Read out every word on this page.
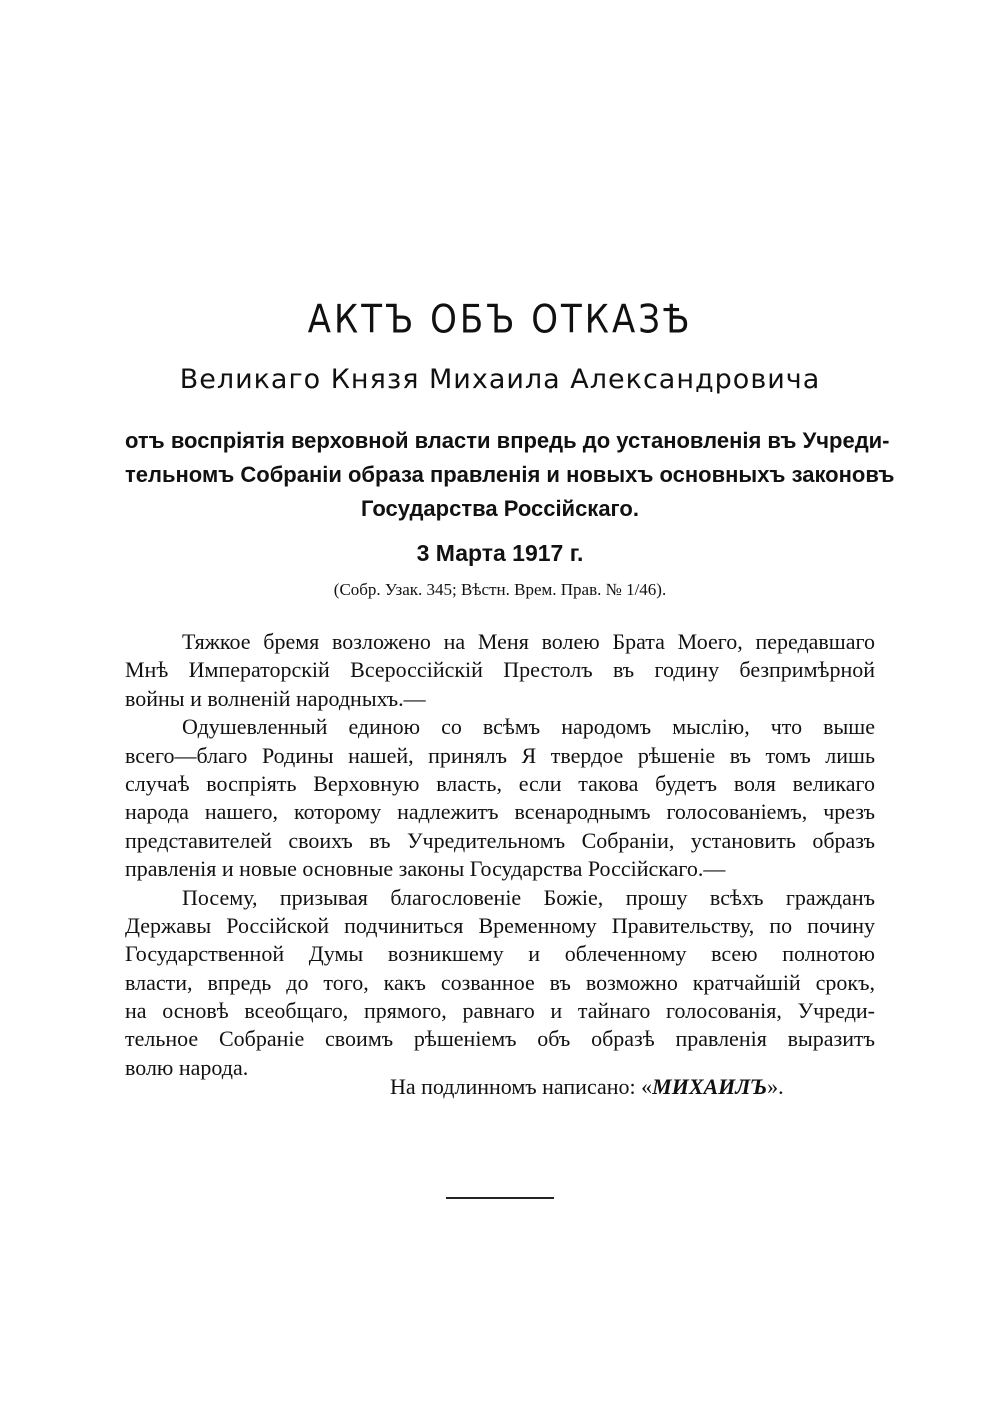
АКТЪ ОБЪ ОТКАЗѢ
Великаго Князя Михаила Александровича
отъ воспріятія верховной власти впредь до установленія въ Учреди-
тельномъ Собраніи образа правленія и новыхъ основныхъ законовъ
Государства Россійскаго.

3 Марта 1917 г.

(Собр. Узак. 345; Вѣстн. Врем. Прав. № 1/46).

Тяжкое бремя возложено на Меня волею Брата Моего, передавшаго
Мнѣ Императорскій Всероссійскій Престолъ въ годину безпримѣрной
войны и волненій народныхъ.—
Одушевленный единою со всѣмъ народомъ мыслію, что выше
всего—благо Родины нашей, принялъ Я твердое рѣшеніе въ томъ лишь
случаѣ воспріять Верховную власть, если такова будетъ воля великаго
народа нашего, которому надлежитъ всенароднымъ голосованіемъ, чрезъ
представителей своихъ въ Учредительномъ Собраніи, установить образъ
правленія и новые основные законы Государства Россійскаго.—
Посему, призывая благословеніе Божіе, прошу всѣхъ гражданъ
Державы Россійской подчиниться Временному Правительству, по почину
Государственной Думы возникшему и облеченному всею полнотою
власти, впредь до того, какъ созванное въ возможно кратчайшій срокъ,
на основѣ всеобщаго, прямого, равнаго и тайнаго голосованія, Учреди-
тельное Собраніе своимъ рѣшеніемъ объ образѣ правленія выразитъ
волю народа.

На подлинномъ написано: «МИХАИЛЪ».
